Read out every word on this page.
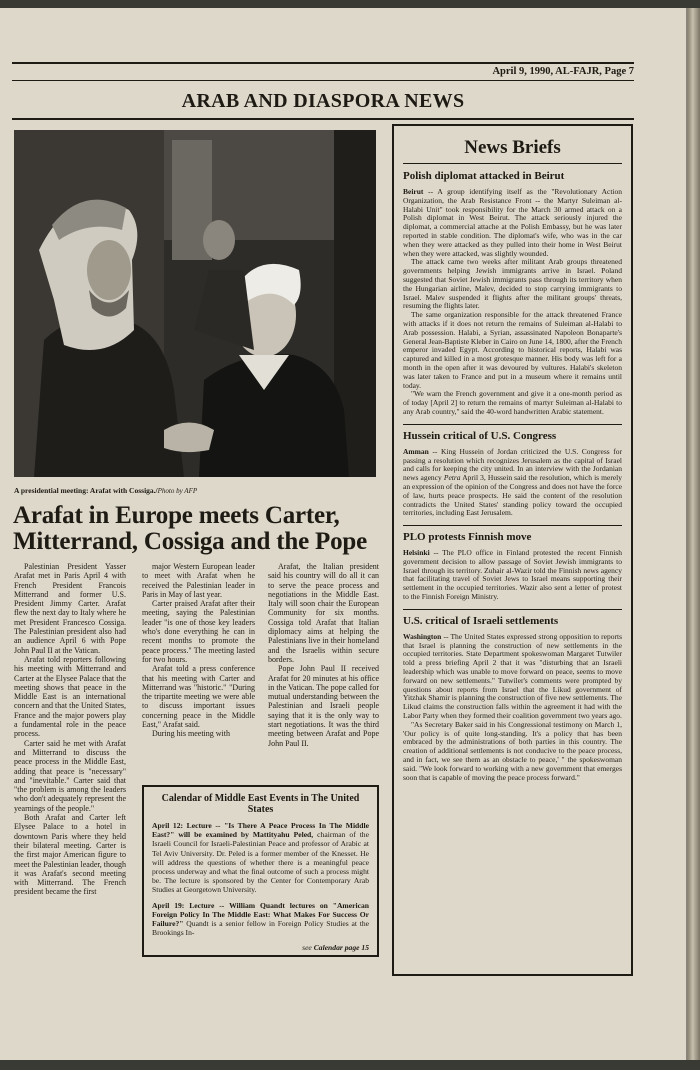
April 9, 1990, AL-FAJR, Page 7
ARAB AND DIASPORA NEWS
A presidential meeting: Arafat with Cossiga./Photo by AFP
Arafat in Europe meets Carter, Mitterrand, Cossiga and the Pope

Palestinian President Yasser Arafat met in Paris April 4 with French President Francois Mitterrand and former U.S. President Jimmy Carter. Arafat flew the next day to Italy where he met President Francesco Cossiga. The Palestinian president also had an audience April 6 with Pope John Paul II at the Vatican.

Arafat told reporters following his meeting with Mitterrand and Carter at the Elysee Palace that the meeting shows that peace in the Middle East is an international concern and that the United States, France and the major powers play a fundamental role in the peace process.

Carter said he met with Arafat and Mitterrand to discuss the peace process in the Middle East, adding that peace is "necessary" and "inevitable." Carter said that "the problem is among the leaders who don't adequately represent the yearnings of the people."

Both Arafat and Carter left Elysee Palace to a hotel in downtown Paris where they held their bilateral meeting. Carter is the first major American figure to meet the Palestinian leader, though it was Arafat's second meeting with Mitterrand. The French president became the first

major Western European leader to meet with Arafat when he received the Palestinian leader in Paris in May of last year.

Carter praised Arafat after their meeting, saying the Palestinian leader "is one of those key leaders who's done everything he can in recent months to promote the peace process." The meeting lasted for two hours.

Arafat told a press conference that his meeting with Carter and Mitterrand was "historic." "During the tripartite meeting we were able to discuss important issues concerning peace in the Middle East," Arafat said.

During his meeting with

Arafat, the Italian president said his country will do all it can to serve the peace process and negotiations in the Middle East. Italy will soon chair the European Community for six months. Cossiga told Arafat that Italian diplomacy aims at helping the Palestinians live in their homeland and the Israelis within secure borders.

Pope John Paul II received Arafat for 20 minutes at his office in the Vatican. The pope called for mutual understanding between the Palestinian and Israeli people saying that it is the only way to start negotiations. It was the third meeting between Arafat and Pope John Paul II.

Calendar of Middle East Events in The United States
April 12: Lecture -- "Is There A Peace Process In The Middle East?" will be examined by Mattityahu Peled, chairman of the Israeli Council for Israeli-Palestinian Peace and professor of Arabic at Tel Aviv University. Dr. Peled is a former member of the Knesset. He will address the questions of whether there is a meaningful peace process underway and what the final outcome of such a process might be. The lecture is sponsored by the Center for Contemporary Arab Studies at Georgetown University.
April 19: Lecture -- William Quandt lectures on "American Foreign Policy In The Middle East: What Makes For Success Or Failure?" Quandt is a senior fellow in Foreign Policy Studies at the Brookings In-
see Calendar page 15
News Briefs
Polish diplomat attacked in Beirut

Beirut -- A group identifying itself as the "Revolutionary Action Organization, the Arab Resistance Front -- the Martyr Suleiman al-Halabi Unit" took responsibility for the March 30 armed attack on a Polish diplomat in West Beirut. The attack seriously injured the diplomat, a commercial attache at the Polish Embassy, but he was later reported in stable condition. The diplomat's wife, who was in the car when they were attacked as they pulled into their home in West Beirut when they were attacked, was slightly wounded.

The attack came two weeks after militant Arab groups threatened governments helping Jewish immigrants arrive in Israel. Poland suggested that Soviet Jewish immigrants pass through its territory when the Hungarian airline, Malev, decided to stop carrying immigrants to Israel. Malev suspended it flights after the militant groups' threats, resuming the flights later.

The same organization responsible for the attack threatened France with attacks if it does not return the remains of Suleiman al-Halabi to Arab possession. Halabi, a Syrian, assassinated Napoleon Bonaparte's General Jean-Baptiste Kleber in Cairo on June 14, 1800, after the French emperor invaded Egypt. According to historical reports, Halabi was captured and killed in a most grotesque manner. His body was left for a month in the open after it was devoured by vultures. Halabi's skeleton was later taken to France and put in a museum where it remains until today.

"We warn the French government and give it a one-month period as of today [April 2] to return the remains of martyr Suleiman al-Halabi to any Arab country," said the 40-word handwritten Arabic statement.

Hussein critical of U.S. Congress

Amman -- King Hussein of Jordan criticized the U.S. Congress for passing a resolution which recognizes Jerusalem as the capital of Israel and calls for keeping the city united. In an interview with the Jordanian news agency Petra April 3, Hussein said the resolution, which is merely an expression of the opinion of the Congress and does not have the force of law, hurts peace prospects. He said the content of the resolution contradicts the United States' standing policy toward the occupied territories, including East Jerusalem.

PLO protests Finnish move

Helsinki -- The PLO office in Finland protested the recent Finnish government decision to allow passage of Soviet Jewish immigrants to Israel through its territory. Zuhair al-Wazir told the Finnish news agency that facilitating travel of Soviet Jews to Israel means supporting their settlement in the occupied territories. Wazir also sent a letter of protest to the Finnish Foreign Ministry.

U.S. critical of Israeli settlements

Washington -- The United States expressed strong opposition to reports that Israel is planning the construction of new settlements in the occupied territories. State Department spokeswoman Margaret Tutwiler told a press briefing April 2 that it was "disturbing that an Israeli leadership which was unable to move forward on peace, seems to move forward on new settlements." Tutwiler's comments were prompted by questions about reports from Israel that the Likud government of Yitzhak Shamir is planning the construction of five new settlements. The Likud claims the construction falls within the agreement it had with the Labor Party when they formed their coalition government two years ago.

"As Secretary Baker said in his Congressional testimony on March 1, 'Our policy is of quite long-standing. It's a policy that has been embraced by the administrations of both parties in this country. The creation of additional settlements is not conducive to the peace process, and in fact, we see them as an obstacle to peace,' " the spokeswoman said. "We look forward to working with a new government that emerges soon that is capable of moving the peace process forward."
